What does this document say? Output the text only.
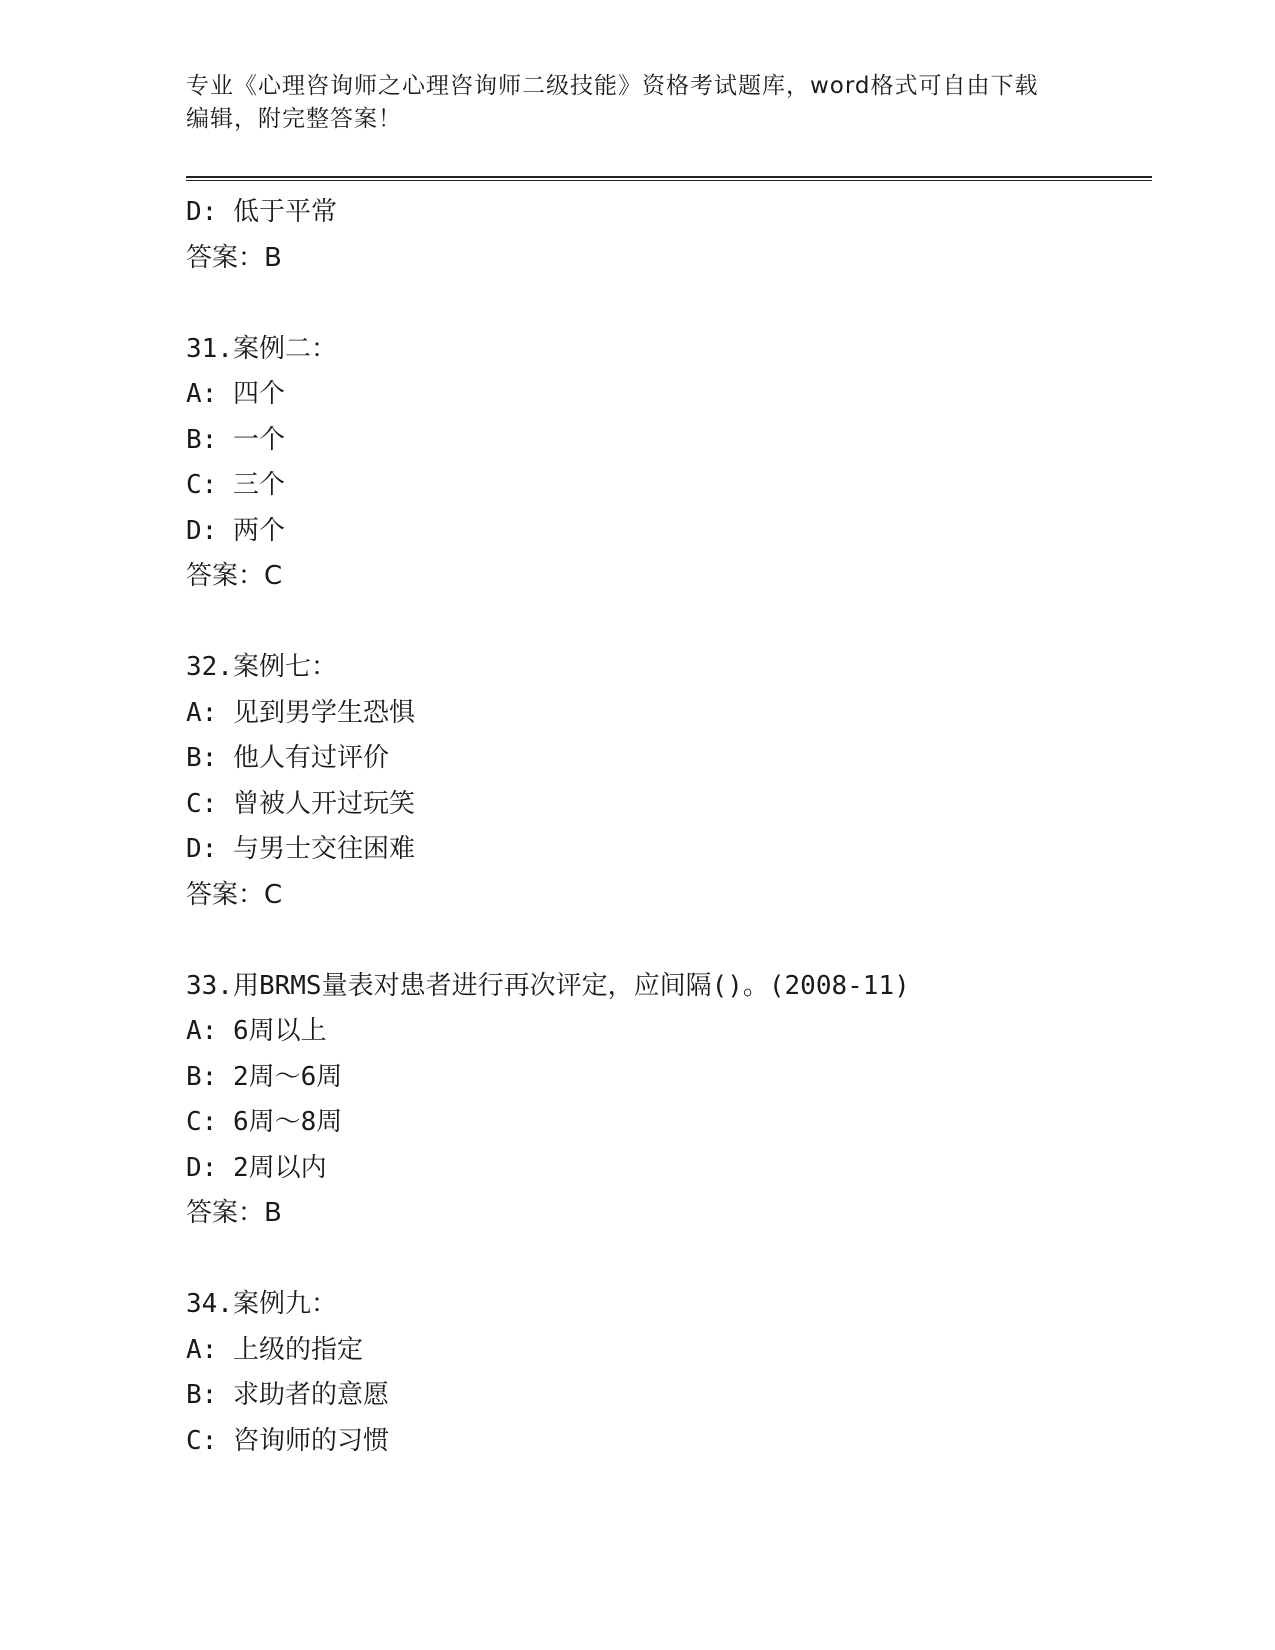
专业《心理咨询师之心理咨询师二级技能》资格考试题库，word格式可自由下载
编辑，附完整答案！
D: 低于平常
答案：B
31.案例二：
A: 四个
B: 一个
C: 三个
D: 两个
答案：C
32.案例七：
A: 见到男学生恐惧
B: 他人有过评价
C: 曾被人开过玩笑
D: 与男士交往困难
答案：C
33.用BRMS量表对患者进行再次评定，应间隔()。(2008-11)
A: 6周以上
B: 2周～6周
C: 6周～8周
D: 2周以内
答案：B
34.案例九：
A: 上级的指定
B: 求助者的意愿
C: 咨询师的习惯
